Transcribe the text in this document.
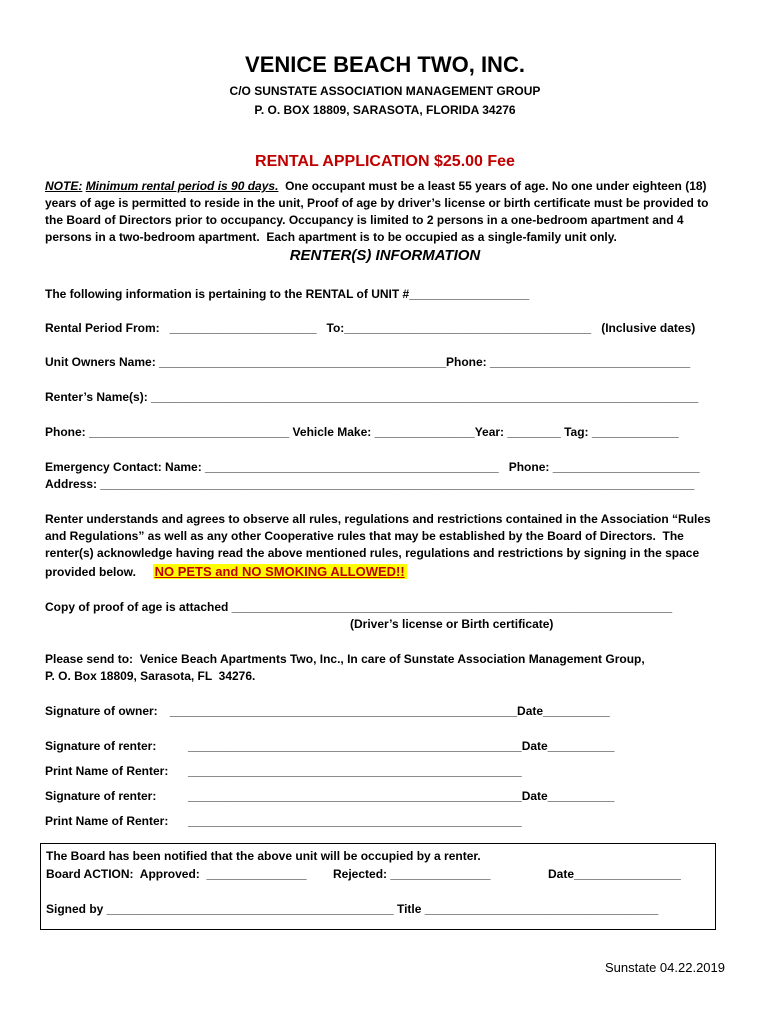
VENICE BEACH TWO, INC.
C/O SUNSTATE ASSOCIATION MANAGEMENT GROUP
P. O. BOX 18809, SARASOTA, FLORIDA 34276
RENTAL APPLICATION $25.00 Fee
NOTE: Minimum rental period is 90 days.  One occupant must be a least 55 years of age. No one under eighteen (18)
years of age is permitted to reside in the unit, Proof of age by driver’s license or birth certificate must be provided to
the Board of Directors prior to occupancy. Occupancy is limited to 2 persons in a one-bedroom apartment and 4
persons in a two-bedroom apartment.  Each apartment is to be occupied as a single-family unit only.
RENTER(S) INFORMATION
The following information is pertaining to the RENTAL of UNIT #__________________
Rental Period From:   ______________________   To:_____________________________________   (Inclusive dates)
Unit Owners Name: ___________________________________________Phone: ______________________________
Renter’s Name(s): __________________________________________________________________________________
Phone: ______________________________ Vehicle Make: _______________Year: ________ Tag: _____________
Emergency Contact: Name: ____________________________________________   Phone: ______________________
Address: _________________________________________________________________________________________
Renter understands and agrees to observe all rules, regulations and restrictions contained in the Association “Rules
and Regulations” as well as any other Cooperative rules that may be established by the Board of Directors.  The
renter(s) acknowledge having read the above mentioned rules, regulations and restrictions by signing in the space
provided below. NO PETS and NO SMOKING ALLOWED!!
Copy of proof of age is attached __________________________________________________________________
(Driver’s license or Birth certificate)
Please send to:  Venice Beach Apartments Two, Inc., In care of Sunstate Association Management Group,
P. O. Box 18809, Sarasota, FL  34276.
Signature of owner: ____________________________________________________Date__________
Signature of renter:	__________________________________________________Date__________
Print Name of Renter: __________________________________________________
Signature of renter:	__________________________________________________Date__________
Print Name of Renter: __________________________________________________
The Board has been notified that the above unit will be occupied by a renter.
Board ACTION:  Approved:  _______________ Rejected: _______________	Date________________
Signed by ___________________________________________ Title ___________________________________
Sunstate 04.22.2019
